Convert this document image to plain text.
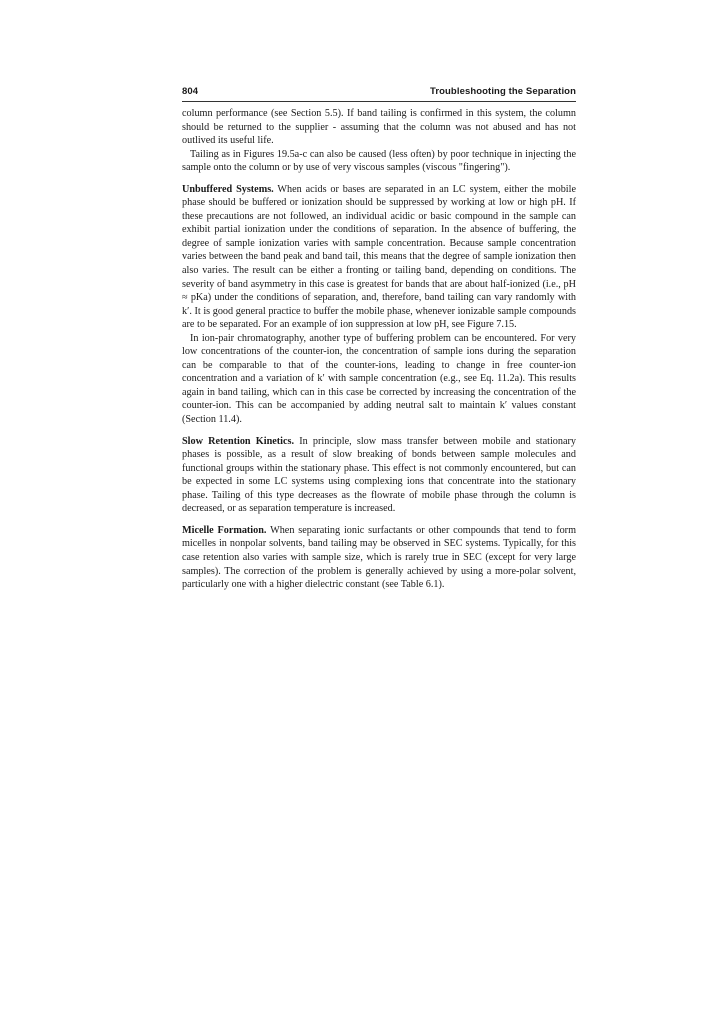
804	Troubleshooting the Separation

column performance (see Section 5.5). If band tailing is confirmed in this system, the column should be returned to the supplier - assuming that the column was not abused and has not outlived its useful life.

Tailing as in Figures 19.5a-c can also be caused (less often) by poor technique in injecting the sample onto the column or by use of very viscous samples (viscous "fingering").

Unbuffered Systems. When acids or bases are separated in an LC system, either the mobile phase should be buffered or ionization should be suppressed by working at low or high pH. If these precautions are not followed, an individual acidic or basic compound in the sample can exhibit partial ionization under the conditions of separation. In the absence of buffering, the degree of sample ionization varies with sample concentration. Because sample concentration varies between the band peak and band tail, this means that the degree of sample ionization then also varies. The result can be either a fronting or tailing band, depending on conditions. The severity of band asymmetry in this case is greatest for bands that are about half-ionized (i.e., pH ≈ pKa) under the conditions of separation, and, therefore, band tailing can vary randomly with k′. It is good general practice to buffer the mobile phase, whenever ionizable sample compounds are to be separated. For an example of ion suppression at low pH, see Figure 7.15.

In ion-pair chromatography, another type of buffering problem can be encountered. For very low concentrations of the counter-ion, the concentration of sample ions during the separation can be comparable to that of the counter-ions, leading to change in free counter-ion concentration and a variation of k′ with sample concentration (e.g., see Eq. 11.2a). This results again in band tailing, which can in this case be corrected by increasing the concentration of the counter-ion. This can be accompanied by adding neutral salt to maintain k′ values constant (Section 11.4).

Slow Retention Kinetics. In principle, slow mass transfer between mobile and stationary phases is possible, as a result of slow breaking of bonds between sample molecules and functional groups within the stationary phase. This effect is not commonly encountered, but can be expected in some LC systems using complexing ions that concentrate into the stationary phase. Tailing of this type decreases as the flowrate of mobile phase through the column is decreased, or as separation temperature is increased.

Micelle Formation. When separating ionic surfactants or other compounds that tend to form micelles in nonpolar solvents, band tailing may be observed in SEC systems. Typically, for this case retention also varies with sample size, which is rarely true in SEC (except for very large samples). The correction of the problem is generally achieved by using a more-polar solvent, particularly one with a higher dielectric constant (see Table 6.1).
